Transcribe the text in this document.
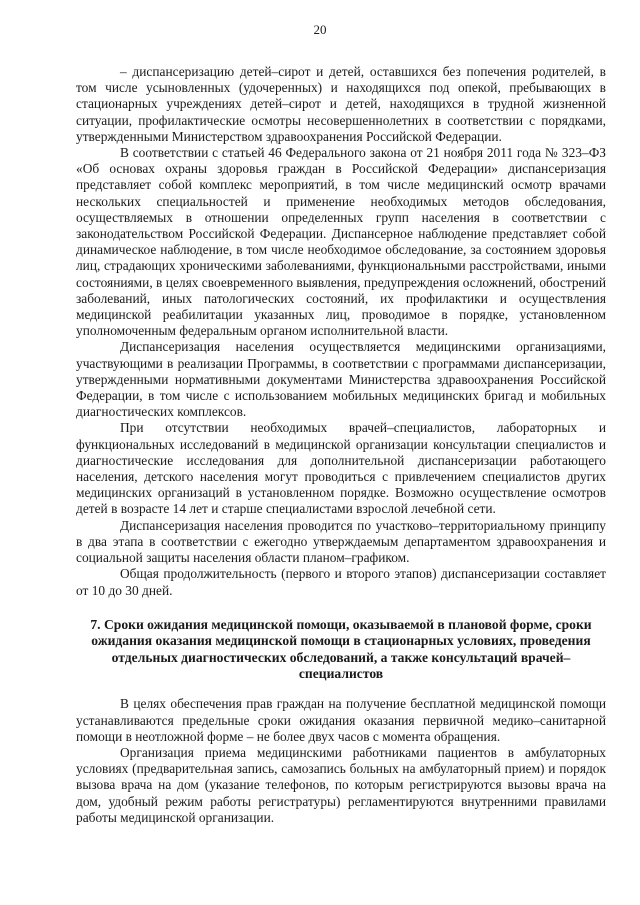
20

– диспансеризацию детей–сирот и детей, оставшихся без попечения родителей, в том числе усыновленных (удочеренных) и находящихся под опекой, пребывающих в стационарных учреждениях детей–сирот и детей, находящихся в трудной жизненной ситуации, профилактические осмотры несовершеннолетних в соответствии с порядками, утвержденными Министерством здравоохранения Российской Федерации.

В соответствии с статьей 46 Федерального закона от 21 ноября 2011 года № 323–ФЗ «Об основах охраны здоровья граждан в Российской Федерации» диспансеризация представляет собой комплекс мероприятий, в том числе медицинский осмотр врачами нескольких специальностей и применение необходимых методов обследования, осуществляемых в отношении определенных групп населения в соответствии с законодательством Российской Федерации. Диспансерное наблюдение представляет собой динамическое наблюдение, в том числе необходимое обследование, за состоянием здоровья лиц, страдающих хроническими заболеваниями, функциональными расстройствами, иными состояниями, в целях своевременного выявления, предупреждения осложнений, обострений заболеваний, иных патологических состояний, их профилактики и осуществления медицинской реабилитации указанных лиц, проводимое в порядке, установленном уполномоченным федеральным органом исполнительной власти.

Диспансеризация населения осуществляется медицинскими организациями, участвующими в реализации Программы, в соответствии с программами диспансеризации, утвержденными нормативными документами Министерства здравоохранения Российской Федерации, в том числе с использованием мобильных медицинских бригад и мобильных диагностических комплексов.

При отсутствии необходимых врачей–специалистов, лабораторных и функциональных исследований в медицинской организации консультации специалистов и диагностические исследования для дополнительной диспансеризации работающего населения, детского населения могут проводиться с привлечением специалистов других медицинских организаций в установленном порядке. Возможно осуществление осмотров детей в возрасте 14 лет и старше специалистами взрослой лечебной сети.

Диспансеризация населения проводится по участково–территориальному принципу в два этапа в соответствии с ежегодно утверждаемым департаментом здравоохранения и социальной защиты населения области планом–графиком.

Общая продолжительность (первого и второго этапов) диспансеризации составляет от 10 до 30 дней.

7. Сроки ожидания медицинской помощи, оказываемой в плановой форме, сроки ожидания оказания медицинской помощи в стационарных условиях, проведения отдельных диагностических обследований, а также консультаций врачей–специалистов

В целях обеспечения прав граждан на получение бесплатной медицинской помощи устанавливаются предельные сроки ожидания оказания первичной медико–санитарной помощи в неотложной форме – не более двух часов с момента обращения.

Организация приема медицинскими работниками пациентов в амбулаторных условиях (предварительная запись, самозапись больных на амбулаторный прием) и порядок вызова врача на дом (указание телефонов, по которым регистрируются вызовы врача на дом, удобный режим работы регистратуры) регламентируются внутренними правилами работы медицинской организации.
